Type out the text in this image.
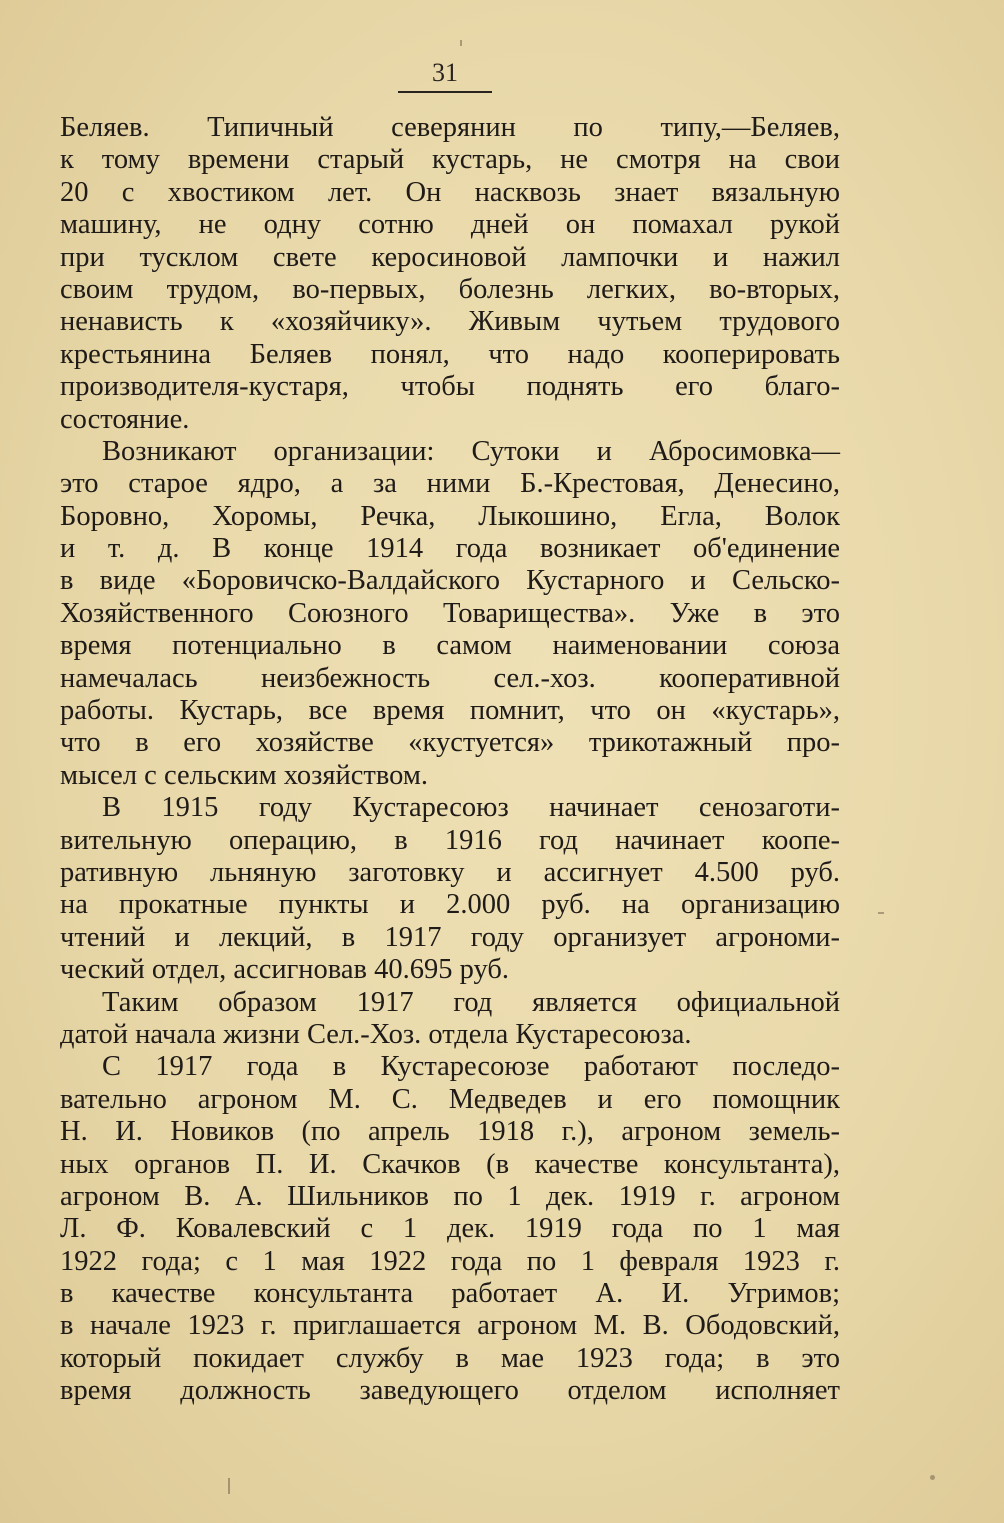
31
Беляев. Типичный северянин по типу,—Беляев,
к тому времени старый кустарь, не смотря на свои
20 с хвостиком лет. Он насквозь знает вязальную
машину, не одну сотню дней он помахал рукой
при тусклом свете керосиновой лампочки и нажил
своим трудом, во-первых, болезнь легких, во-вторых,
ненависть к «хозяйчику». Живым чутьем трудового
крестьянина Беляев понял, что надо кооперировать
производителя-кустаря, чтобы поднять его благо-
состояние.
Возникают организации: Сутоки и Абросимовка—
это старое ядро, а за ними Б.-Крестовая, Денесино,
Боровно, Хоромы, Речка, Лыкошино, Егла, Волок
и т. д. В конце 1914 года возникает об'единение
в виде «Боровичско-Валдайского Кустарного и Сельско-
Хозяйственного Союзного Товарищества». Уже в это
время потенциально в самом наименовании союза
намечалась неизбежность сел.-хоз. кооперативной
работы. Кустарь, все время помнит, что он «кустарь»,
что в его хозяйстве «кустуется» трикотажный про-
мысел с сельским хозяйством.
В 1915 году Кустаресоюз начинает сенозаготи-
вительную операцию, в 1916 год начинает коопе-
ративную льняную заготовку и ассигнует 4.500 руб.
на прокатные пункты и 2.000 руб. на организацию
чтений и лекций, в 1917 году организует агрономи-
ческий отдел, ассигновав 40.695 руб.
Таким образом 1917 год является официальной
датой начала жизни Сел.-Хоз. отдела Кустаресоюза.
С 1917 года в Кустаресоюзе работают последо-
вательно агроном М. С. Медведев и его помощник
Н. И. Новиков (по апрель 1918 г.), агроном земель-
ных органов П. И. Скачков (в качестве консультанта),
агроном В. А. Шильников по 1 дек. 1919 г. агроном
Л. Ф. Ковалевский с 1 дек. 1919 года по 1 мая
1922 года; с 1 мая 1922 года по 1 февраля 1923 г.
в качестве консультанта работает А. И. Угримов;
в начале 1923 г. приглашается агроном М. В. Ободовский,
который покидает службу в мае 1923 года; в это
время должность заведующего отделом исполняет
